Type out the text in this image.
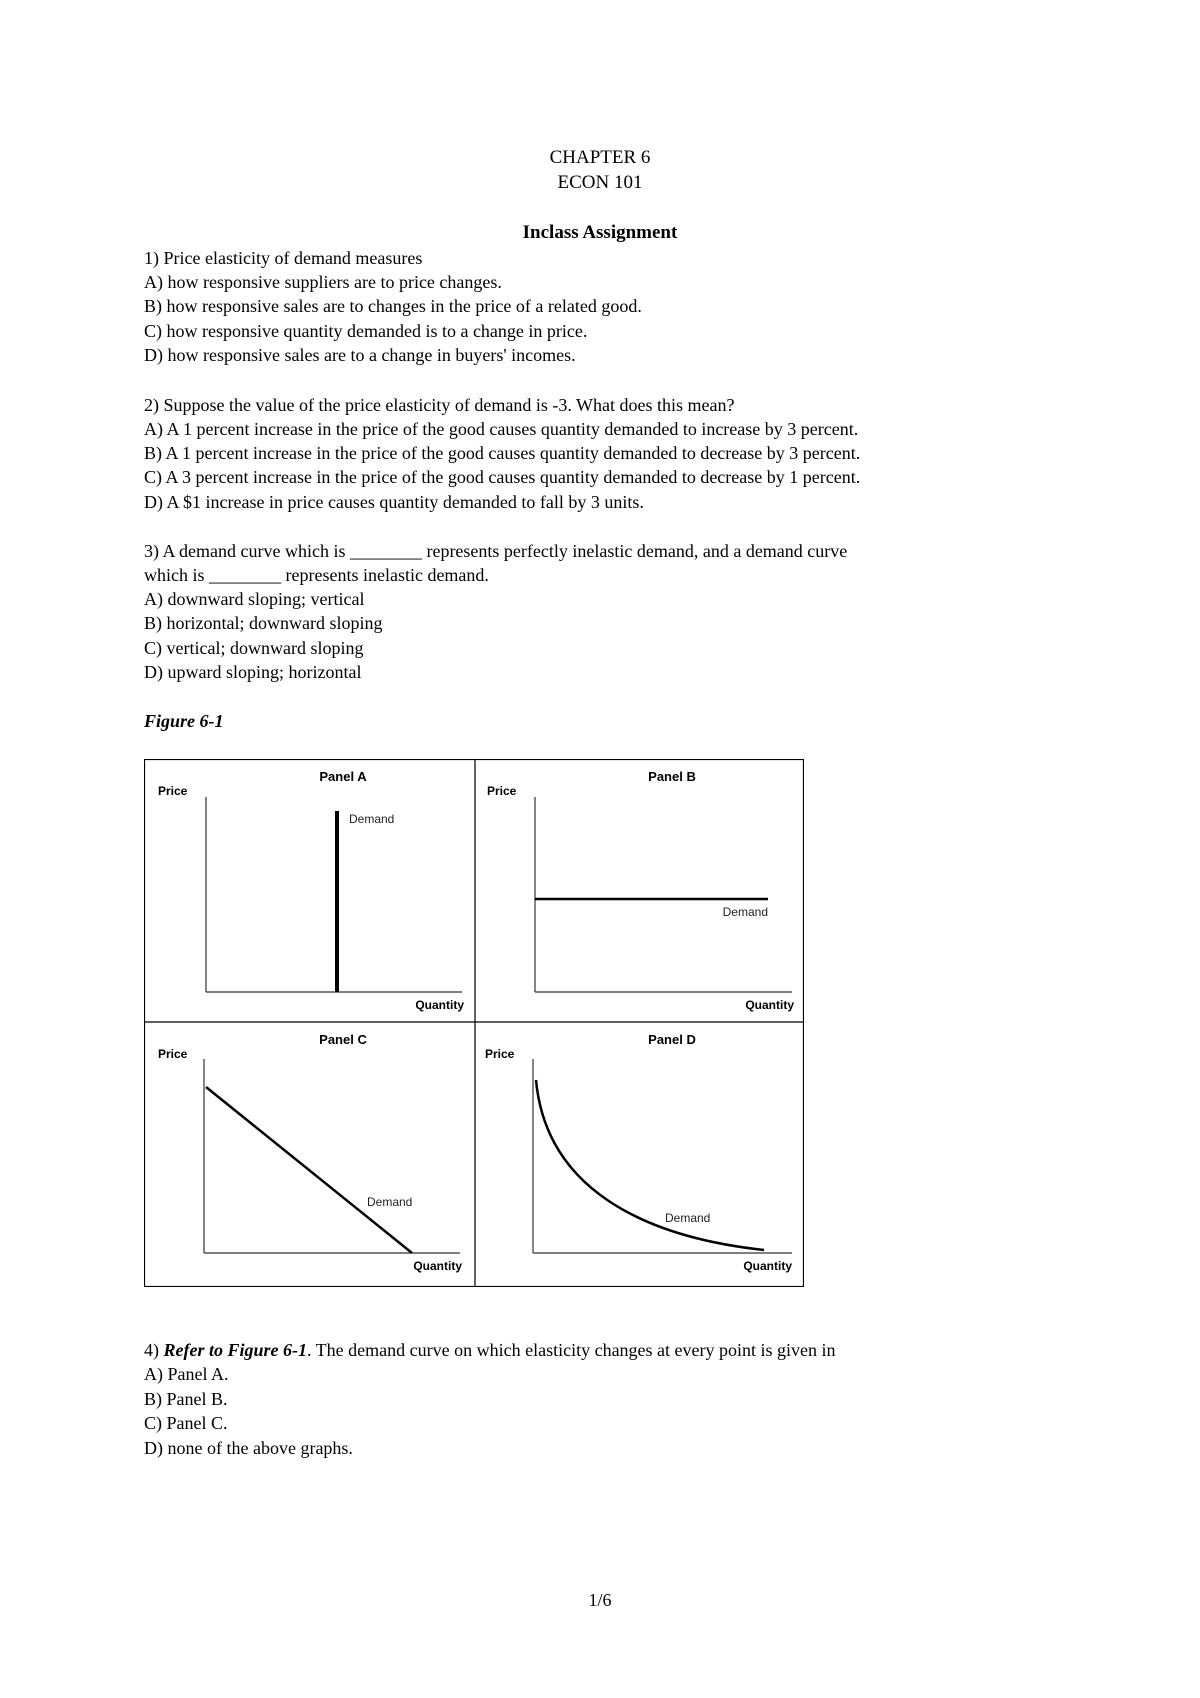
CHAPTER 6
ECON 101
Inclass Assignment
1) Price elasticity of demand measures
A) how responsive suppliers are to price changes.
B) how responsive sales are to changes in the price of a related good.
C) how responsive quantity demanded is to a change in price.
D) how responsive sales are to a change in buyers' incomes.
2) Suppose the value of the price elasticity of demand is -3. What does this mean?
A) A 1 percent increase in the price of the good causes quantity demanded to increase by 3 percent.
B) A 1 percent increase in the price of the good causes quantity demanded to decrease by 3 percent.
C) A 3 percent increase in the price of the good causes quantity demanded to decrease by 1 percent.
D) A $1 increase in price causes quantity demanded to fall by 3 units.
3) A demand curve which is ________ represents perfectly inelastic demand, and a demand curve
which is ________ represents inelastic demand.
A) downward sloping; vertical
B) horizontal; downward sloping
C) vertical; downward sloping
D) upward sloping; horizontal
Figure 6-1
Panel A
Price
Quantity
Demand
Panel B
Price
Quantity
Demand
Panel C
Price
Quantity
Demand
Panel D
Price
Quantity
Demand
4) Refer to Figure 6-1. The demand curve on which elasticity changes at every point is given in
A) Panel A.
B) Panel B.
C) Panel C.
D) none of the above graphs.
1/6
